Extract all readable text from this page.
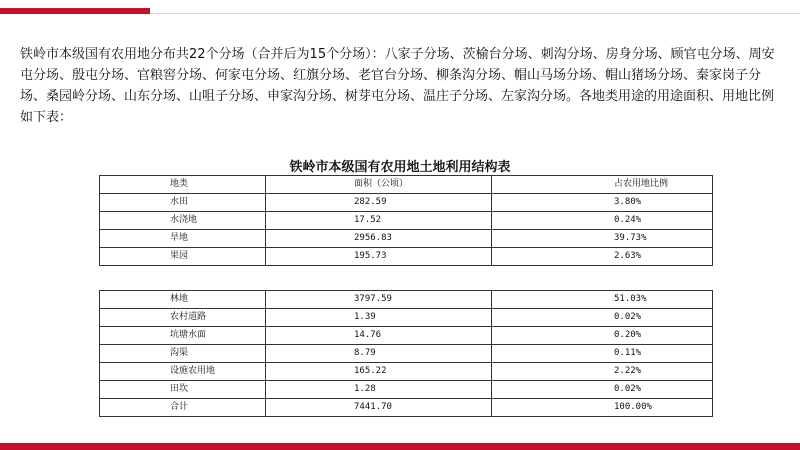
铁岭市本级国有农用地分布共22个分场（合并后为15个分场）：八家子分场、茨榆台分场、刺沟分场、房身分场、顾官屯分场、周安屯分场、殷屯分场、官粮窖分场、何家屯分场、红旗分场、老官台分场、柳条沟分场、帽山马场分场、帽山猪场分场、秦家岗子分场、桑园岭分场、山东分场、山咀子分场、申家沟分场、树芽屯分场、温庄子分场、左家沟分场。各地类用途的用途面积、用地比例如下表：
铁岭市本级国有农用地土地利用结构表
地类	面积（公顷）	占农用地比例
水田	282.59	3.80%
水浇地	17.52	0.24%
旱地	2956.83	39.73%
果园	195.73	2.63%
林地	3797.59	51.03%
农村道路	1.39	0.02%
坑塘水面	14.76	0.20%
沟渠	8.79	0.11%
设施农用地	165.22	2.22%
田坎	1.28	0.02%
合计	7441.70	100.00%
